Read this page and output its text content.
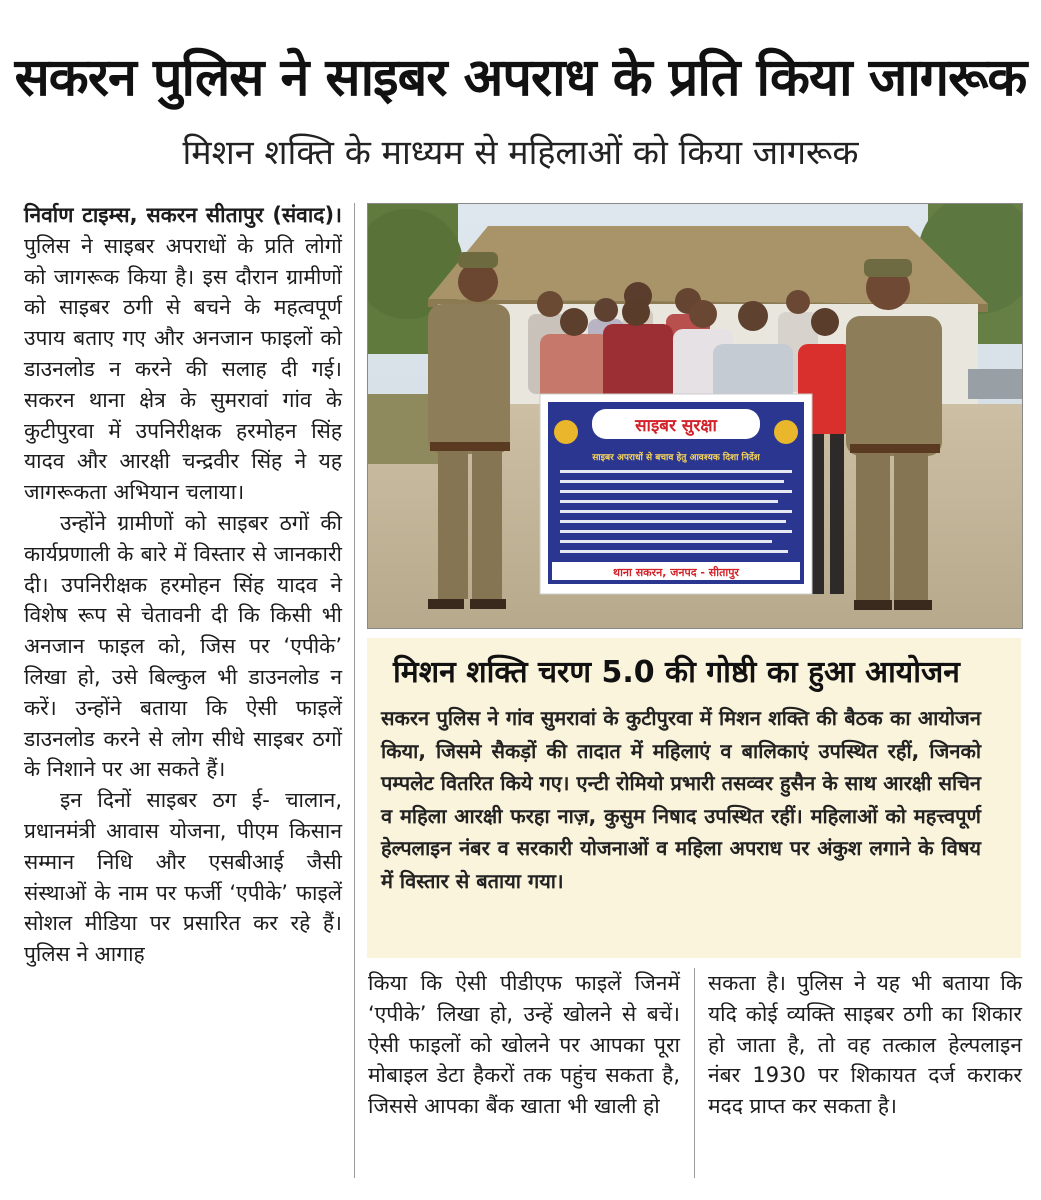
सकरन पुलिस ने साइबर अपराध के प्रति किया जागरूक
मिशन शक्ति के माध्यम से महिलाओं को किया जागरूक

निर्वाण टाइम्स, सकरन सीतापुर (संवाद)। पुलिस ने साइबर अपराधों के प्रति लोगों को जागरूक किया है। इस दौरान ग्रामीणों को साइबर ठगी से बचने के महत्वपूर्ण उपाय बताए गए और अनजान फाइलों को डाउनलोड न करने की सलाह दी गई। सकरन थाना क्षेत्र के सुमरावां गांव के कुटीपुरवा में उपनिरीक्षक हरमोहन सिंह यादव और आरक्षी चन्द्रवीर सिंह ने यह जागरूकता अभियान चलाया।

उन्होंने ग्रामीणों को साइबर ठगों की कार्यप्रणाली के बारे में विस्तार से जानकारी दी। उपनिरीक्षक हरमोहन सिंह यादव ने विशेष रूप से चेतावनी दी कि किसी भी अनजान फाइल को, जिस पर ‘एपीके’ लिखा हो, उसे बिल्कुल भी डाउनलोड न करें। उन्होंने बताया कि ऐसी फाइलें डाउनलोड करने से लोग सीधे साइबर ठगों के निशाने पर आ सकते हैं।

इन दिनों साइबर ठग ई- चालान, प्रधानमंत्री आवास योजना, पीएम किसान सम्मान निधि और एसबीआई जैसी संस्थाओं के नाम पर फर्जी ‘एपीके’ फाइलें सोशल मीडिया पर प्रसारित कर रहे हैं। पुलिस ने आगाह

साइबर सुरक्षा
साइबर अपराधों से बचाव हेतु आवश्यक दिशा निर्देश
थाना सकरन, जनपद - सीतापुर
मिशन शक्ति चरण 5.0 की गोष्ठी का हुआ आयोजन
सकरन पुलिस ने गांव सुमरावां के कुटीपुरवा में मिशन शक्ति की बैठक का आयोजन किया, जिसमे सैकड़ों की तादात में महिलाएं व बालिकाएं उपस्थित रहीं, जिनको पम्पलेट वितरित किये गए। एन्टी रोमियो प्रभारी तसव्वर हुसैन के साथ आरक्षी सचिन व महिला आरक्षी फरहा नाज़, कुसुम निषाद उपस्थित रहीं। महिलाओं को महत्त्वपूर्ण हेल्पलाइन नंबर व सरकारी योजनाओं व महिला अपराध पर अंकुश लगाने के विषय में विस्तार से बताया गया।

किया कि ऐसी पीडीएफ फाइलें जिनमें ‘एपीके’ लिखा हो, उन्हें खोलने से बचें। ऐसी फाइलों को खोलने पर आपका पूरा मोबाइल डेटा हैकरों तक पहुंच सकता है, जिससे आपका बैंक खाता भी खाली हो

सकता है। पुलिस ने यह भी बताया कि यदि कोई व्यक्ति साइबर ठगी का शिकार हो जाता है, तो वह तत्काल हेल्पलाइन नंबर 1930 पर शिकायत दर्ज कराकर मदद प्राप्त कर सकता है।
